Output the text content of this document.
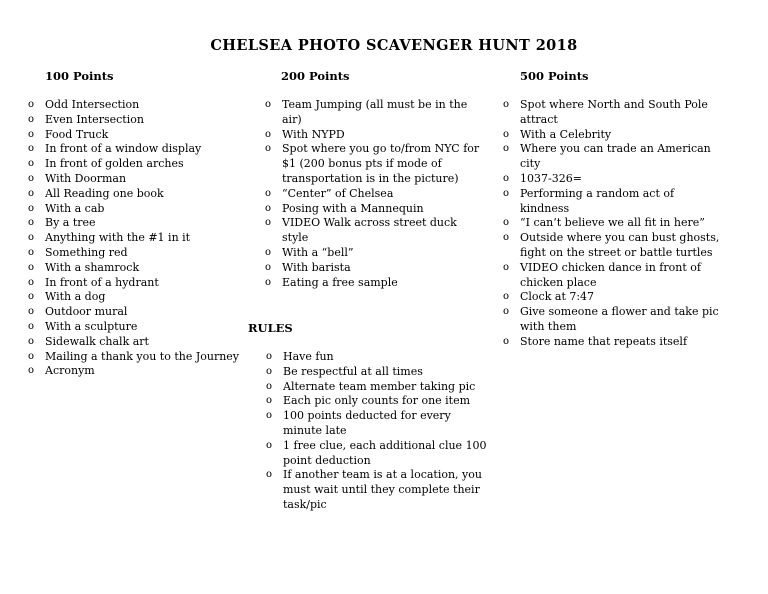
CHELSEA PHOTO SCAVENGER HUNT 2018
100 Points
o Odd Intersection
o Even Intersection
o Food Truck
o In front of a window display
o In front of golden arches
o With Doorman
o All Reading one book
o With a cab
o By a tree
o Anything with the #1 in it
o Something red
o With a shamrock
o In front of a hydrant
o With a dog
o Outdoor mural
o With a sculpture
o Sidewalk chalk art
o Mailing a thank you to the Journey
o Acronym
200 Points
o Team Jumping (all must be in the air)
o With NYPD
o Spot where you go to/from NYC for $1 (200 bonus pts if mode of transportation is in the picture)
o “Center” of Chelsea
o Posing with a Mannequin
o VIDEO Walk across street duck style
o With a “bell”
o With barista
o Eating a free sample
500 Points
o Spot where North and South Pole attract
o With a Celebrity
o Where you can trade an American city
o 1037-326=
o Performing a random act of kindness
o “I can’t believe we all fit in here”
o Outside where you can bust ghosts, fight on the street or battle turtles
o VIDEO chicken dance in front of chicken place
o Clock at 7:47
o Give someone a flower and take pic with them
o Store name that repeats itself
RULES
o Have fun
o Be respectful at all times
o Alternate team member taking pic
o Each pic only counts for one item
o 100 points deducted for every minute late
o 1 free clue, each additional clue 100 point deduction
o If another team is at a location, you must wait until they complete their task/pic
